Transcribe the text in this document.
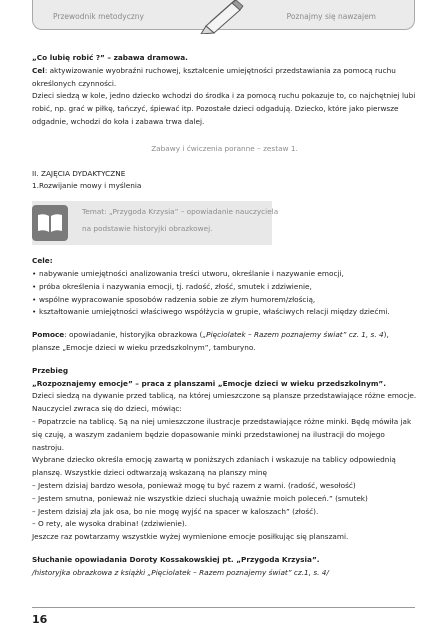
Przewodnik metodyczny	Poznajmy się nawzajem
„Co lubię robić ?” – zabawa dramowa.
Cel: aktywizowanie wyobraźni ruchowej, kształcenie umiejętności przedstawiania za pomocą ruchu określonych czynności.
Dzieci siedzą w kole, jedno dziecko wchodzi do środka i za pomocą ruchu pokazuje to, co najchętniej lubi robić, np. grać w piłkę, tańczyć, śpiewać itp. Pozostałe dzieci odgadują. Dziecko, które jako pierwsze odgadnie, wchodzi do koła i zabawa trwa dalej.
Zabawy i ćwiczenia poranne – zestaw 1.
II. ZAJĘCIA DYDAKTYCZNE
1.Rozwijanie mowy i myślenia
Temat: „Przygoda Krzysia” – opowiadanie nauczyciela
na podstawie historyjki obrazkowej.
Cele:
• nabywanie umiejętności analizowania treści utworu, określanie i nazywanie emocji,
• próba określenia i nazywania emocji, tj. radość, złość, smutek i zdziwienie,
• wspólne wypracowanie sposobów radzenia sobie ze złym humorem/złością,
• kształtowanie umiejętności właściwego współżycia w grupie, właściwych relacji między dziećmi.
Pomoce: opowiadanie, historyjka obrazkowa („Pięciolatek – Razem poznajemy świat” cz. 1, s. 4), plansze „Emocje dzieci w wieku przedszkolnym”, tamburyno.
Przebieg
„Rozpoznajemy emocje” – praca z planszami „Emocje dzieci w wieku przedszkolnym”.
Dzieci siedzą na dywanie przed tablicą, na której umieszczone są plansze przedstawiające różne emocje. Nauczyciel zwraca się do dzieci, mówiąc:
– Popatrzcie na tablicę. Są na niej umieszczone ilustracje przedstawiające różne minki. Będę mówiła jak się czuję, a waszym zadaniem będzie dopasowanie minki przedstawionej na ilustracji do mojego nastroju.
Wybrane dziecko określa emocję zawartą w poniższych zdaniach i wskazuje na tablicy odpowiednią planszę. Wszystkie dzieci odtwarzają wskazaną na planszy minę
– Jestem dzisiaj bardzo wesoła, ponieważ mogę tu być razem z wami. (radość, wesołość)
– Jestem smutna, ponieważ nie wszystkie dzieci słuchają uważnie moich poleceń.” (smutek)
– Jestem dzisiaj zła jak osa, bo nie mogę wyjść na spacer w kaloszach” (złość).
– O rety, ale wysoka drabina! (zdziwienie).
Jeszcze raz powtarzamy wszystkie wyżej wymienione emocje posiłkując się planszami.
Słuchanie opowiadania Doroty Kossakowskiej pt. „Przygoda Krzysia”.
/historyjka obrazkowa z książki „Pięciolatek – Razem poznajemy świat” cz.1, s. 4/
16
